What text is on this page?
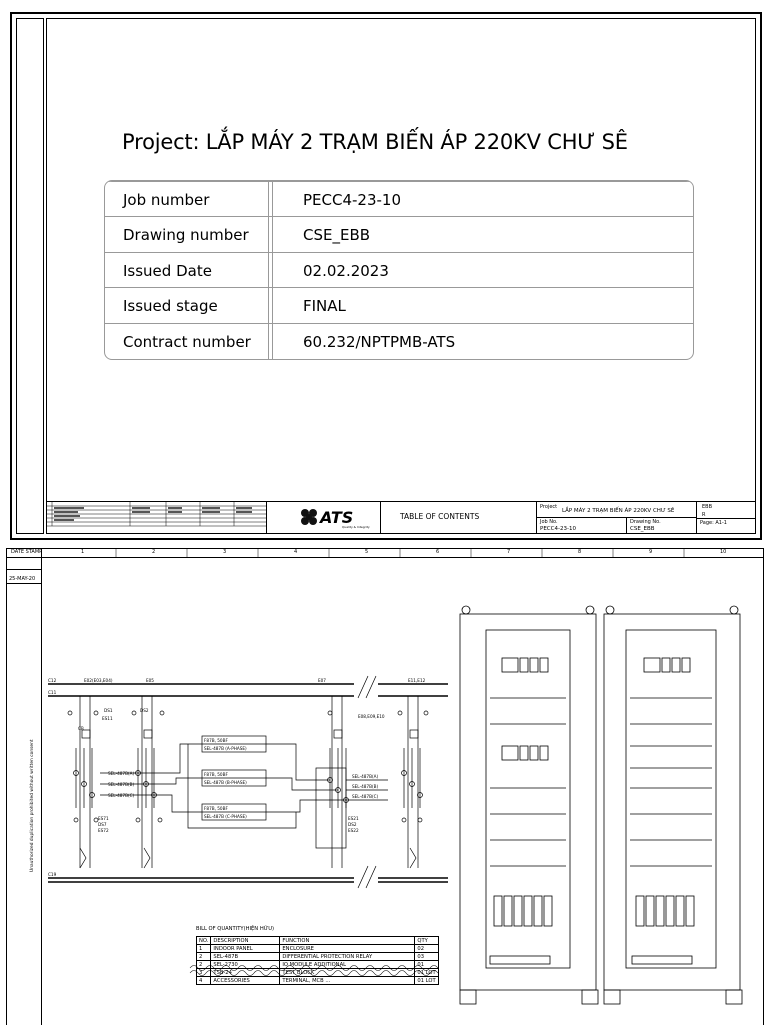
Project: LẮP MÁY 2 TRẠM BIẾN ÁP 220KV CHƯ SÊ
Job number	PECC4-23-10
Drawing number	CSE_EBB
Issued Date	02.02.2023
Issued stage	FINAL
Contract number	60.232/NPTPMB-ATS
ATS
Quality & Integrity
TABLE OF CONTENTS
Project
LẮP MÁY 2 TRẠM BIẾN ÁP 220KV CHƯ SÊ
Job No.
PECC4-23-10
Drawing No.
CSE_EBB
EBB
R
Page: A1-1
DATE STAMP	1	2	3	4	5	6	7	8	9	10
25-MAY-20
Unauthorized duplication prohibited without written consent
C12
C11
C19
E02(E03,E04)	E05	E07	E11,E12
E08,E09,E10
F87B, 50BF
SEL-487B (A-PHASE)
F87B, 50BF
SEL-487B (B-PHASE)
F87B, 50BF
SEL-487B (C-PHASE)
SEL-487B(A)
SEL-487B(B)
SEL-487B(C)
SEL-487B(A)
SEL-487B(B)
SEL-487B(C)
CB
DS1	DS2
ES11
ES71
DS7
ES72
ES21
DS2
ES22
BILL OF QUANTITY(HIỆN HỮU)
NO.	DESCRIPTION	FUNCTION	QTY
1	INDOOR PANEL	ENCLOSURE	02
2	SEL-487B	DIFFERENTIAL PROTECTION RELAY	03
2	SEL-2730	IO MODULE ADDITIONAL	01
3	TSB-24	TEST BLOCK	01 LOT
4	ACCESSORIES	TERMINAL, MCB ...	01 LOT
